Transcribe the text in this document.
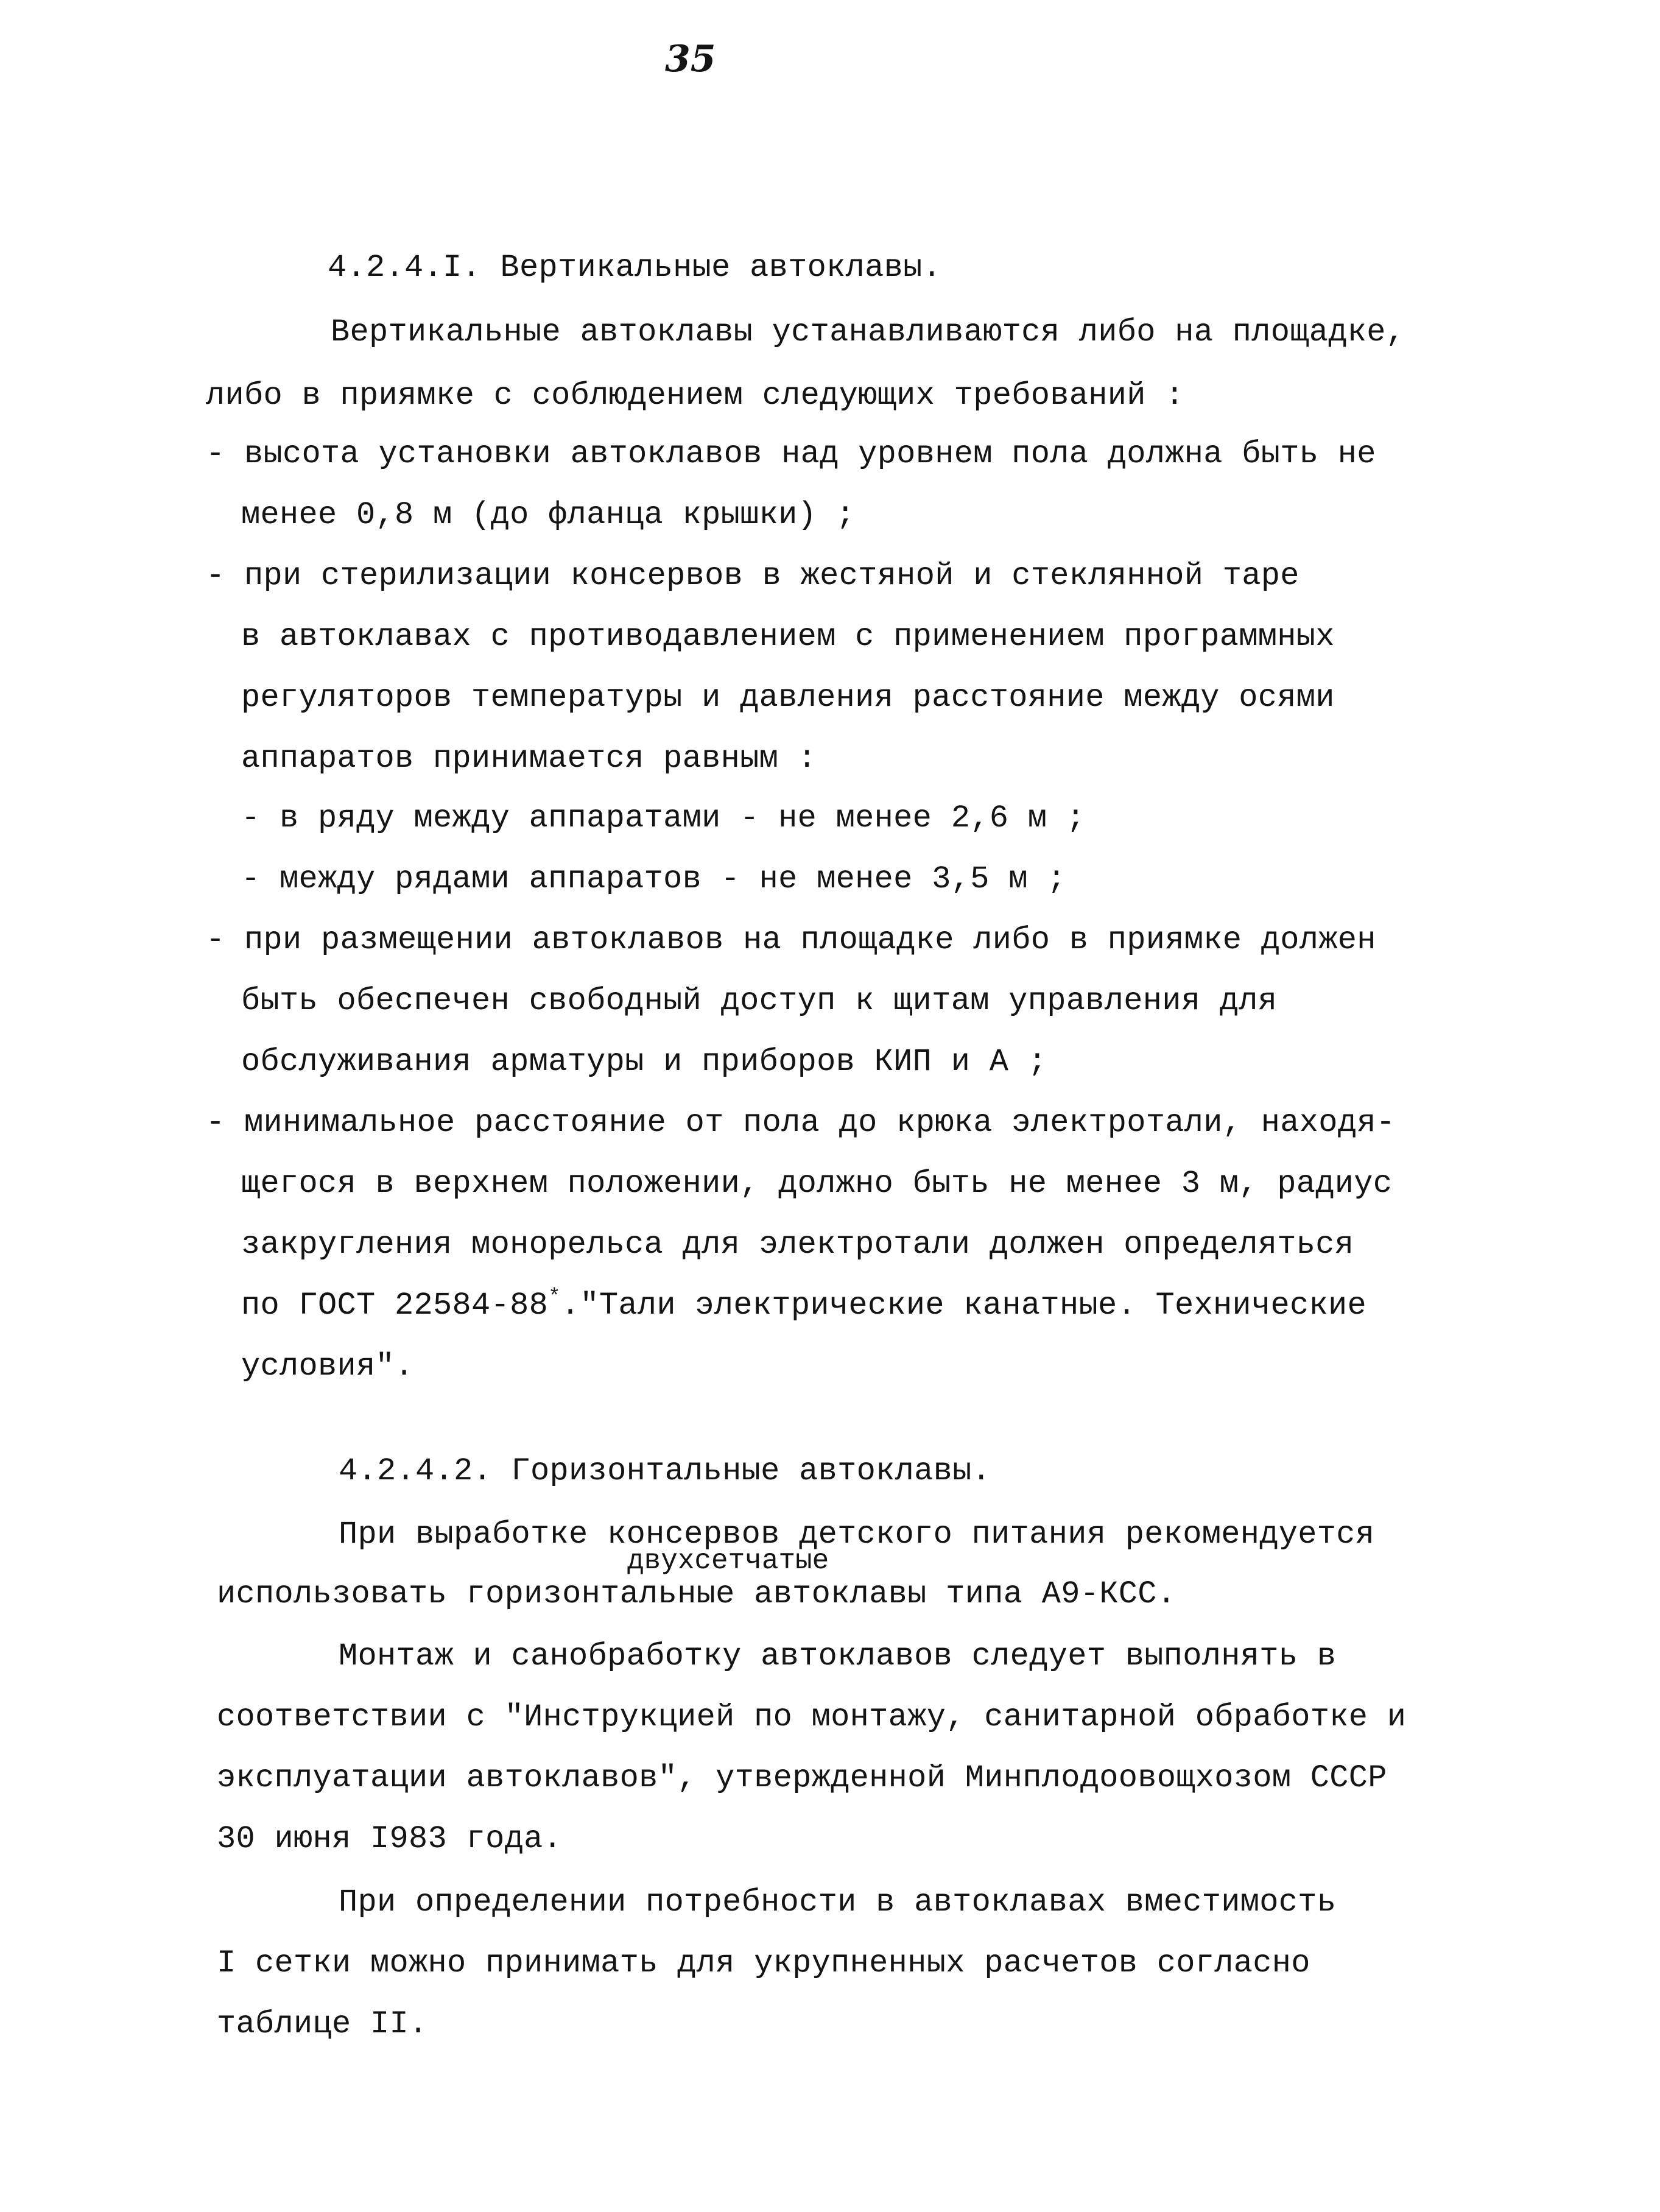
35
4.2.4.I. Вертикальные автоклавы.
Вертикальные автоклавы устанавливаются либо на площадке,
либо в приямке с соблюдением следующих требований :
- высота установки автоклавов над уровнем пола должна быть не
менее 0,8 м (до фланца крышки) ;
- при стерилизации консервов в жестяной и стеклянной таре
в автоклавах с противодавлением с применением программных
регуляторов температуры и давления расстояние между осями
аппаратов принимается равным :
- в ряду между аппаратами - не менее 2,6 м ;
- между рядами аппаратов - не менее 3,5 м ;
- при размещении автоклавов на площадке либо в приямке должен
быть обеспечен свободный доступ к щитам управления для
обслуживания арматуры и приборов КИП и А ;
- минимальное расстояние от пола до крюка электротали, находя-
щегося в верхнем положении, должно быть не менее 3 м, радиус
закругления монорельса для электротали должен определяться
по ГОСТ 22584-88*."Тали электрические канатные. Технические
условия".
4.2.4.2. Горизонтальные автоклавы.
При выработке консервов детского питания рекомендуется
двухсетчатые
использовать горизонтальные автоклавы типа А9-КСС.
Монтаж и санобработку автоклавов следует выполнять в
соответствии с "Инструкцией по монтажу, санитарной обработке и
эксплуатации автоклавов", утвержденной Минплодоовощхозом СССР
30 июня I983 года.
При определении потребности в автоклавах вместимость
I сетки можно принимать для укрупненных расчетов согласно
таблице II.
